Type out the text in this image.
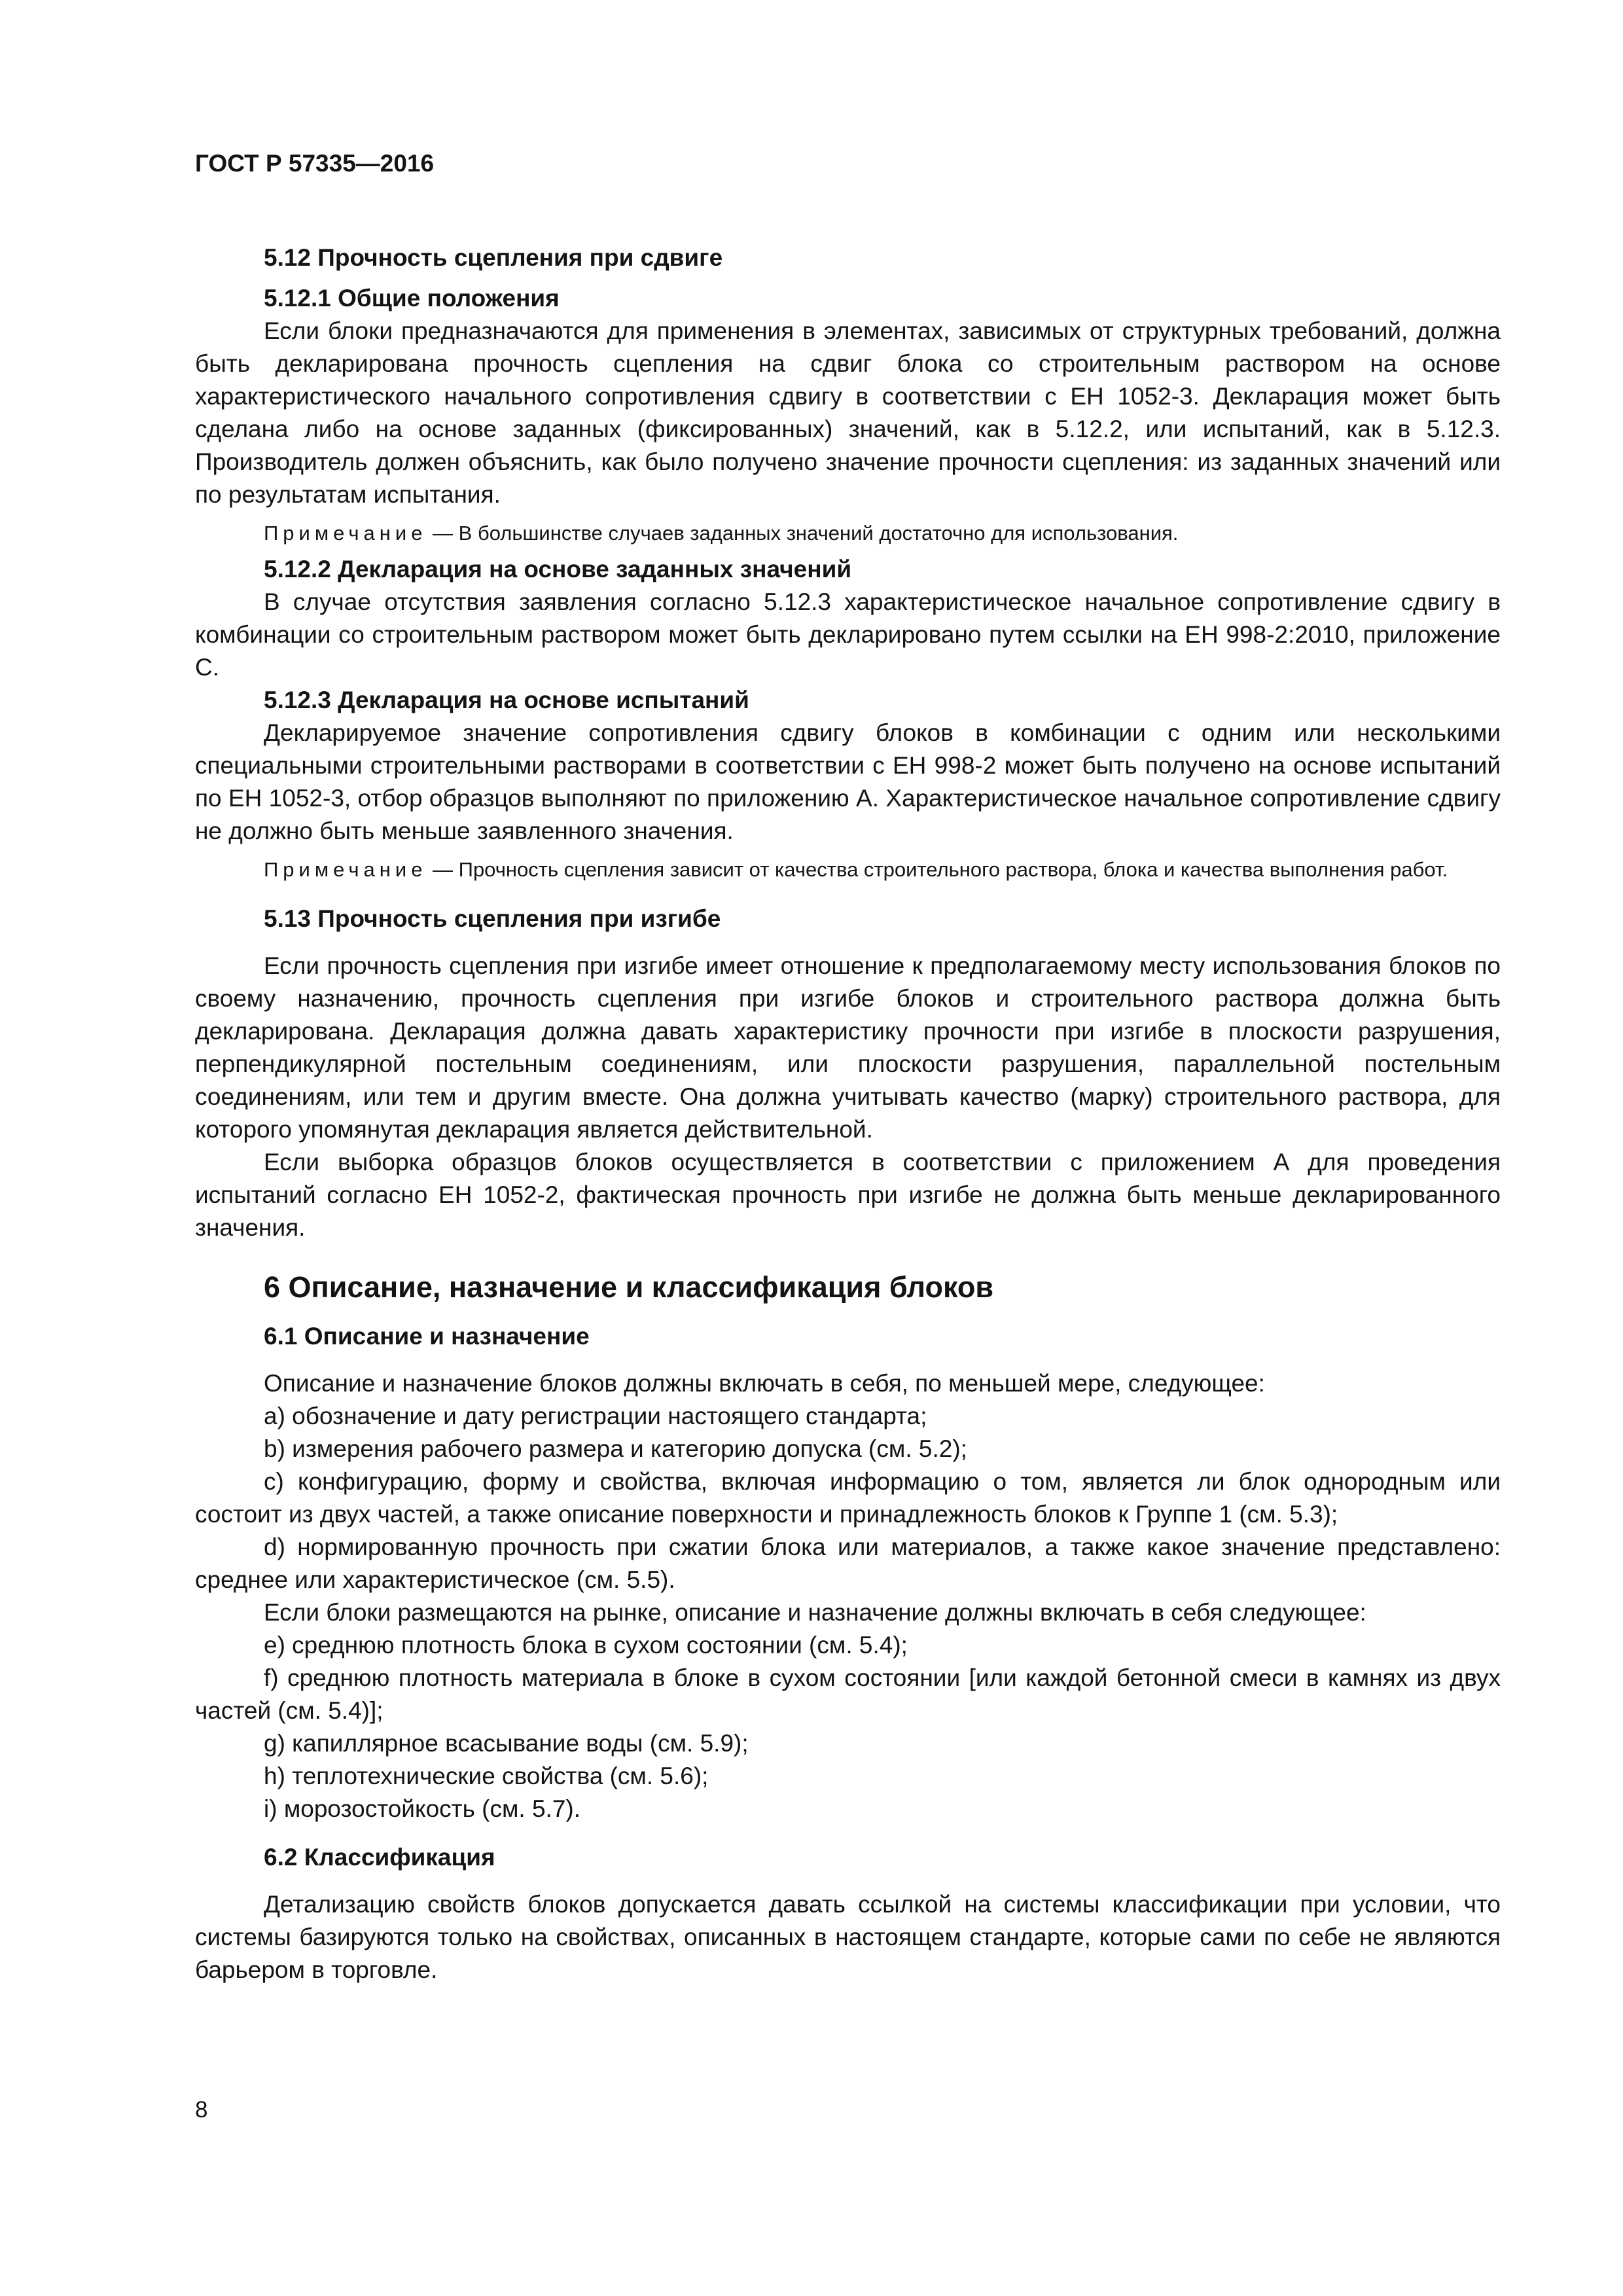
ГОСТ Р 57335—2016
5.12 Прочность сцепления при сдвиге
5.12.1 Общие положения
Если блоки предназначаются для применения в элементах, зависимых от структурных требований, должна быть декларирована прочность сцепления на сдвиг блока со строительным раствором на основе характеристического начального сопротивления сдвигу в соответствии с ЕН 1052-3. Декларация может быть сделана либо на основе заданных (фиксированных) значений, как в 5.12.2, или испытаний, как в 5.12.3. Производитель должен объяснить, как было получено значение прочности сцепления: из заданных значений или по результатам испытания.
Примечание — В большинстве случаев заданных значений достаточно для использования.
5.12.2 Декларация на основе заданных значений
В случае отсутствия заявления согласно 5.12.3 характеристическое начальное сопротивление сдвигу в комбинации со строительным раствором может быть декларировано путем ссылки на ЕН 998-2:2010, приложение С.
5.12.3 Декларация на основе испытаний
Декларируемое значение сопротивления сдвигу блоков в комбинации с одним или несколькими специальными строительными растворами в соответствии с ЕН 998-2 может быть получено на основе испытаний по ЕН 1052-3, отбор образцов выполняют по приложению А. Характеристическое начальное сопротивление сдвигу не должно быть меньше заявленного значения.
Примечание — Прочность сцепления зависит от качества строительного раствора, блока и качества выполнения работ.
5.13 Прочность сцепления при изгибе
Если прочность сцепления при изгибе имеет отношение к предполагаемому месту использования блоков по своему назначению, прочность сцепления при изгибе блоков и строительного раствора должна быть декларирована. Декларация должна давать характеристику прочности при изгибе в плоскости разрушения, перпендикулярной постельным соединениям, или плоскости разрушения, параллельной постельным соединениям, или тем и другим вместе. Она должна учитывать качество (марку) строительного раствора, для которого упомянутая декларация является действительной.
Если выборка образцов блоков осуществляется в соответствии с приложением А для проведения испытаний согласно ЕН 1052-2, фактическая прочность при изгибе не должна быть меньше декларированного значения.
6 Описание, назначение и классификация блоков
6.1 Описание и назначение
Описание и назначение блоков должны включать в себя, по меньшей мере, следующее:
a) обозначение и дату регистрации настоящего стандарта;
b) измерения рабочего размера и категорию допуска (см. 5.2);
c) конфигурацию, форму и свойства, включая информацию о том, является ли блок однородным или состоит из двух частей, а также описание поверхности и принадлежность блоков к Группе 1 (см. 5.3);
d) нормированную прочность при сжатии блока или материалов, а также какое значение представлено: среднее или характеристическое (см. 5.5).
Если блоки размещаются на рынке, описание и назначение должны включать в себя следующее:
e) среднюю плотность блока в сухом состоянии (см. 5.4);
f) среднюю плотность материала в блоке в сухом состоянии [или каждой бетонной смеси в камнях из двух частей (см. 5.4)];
g) капиллярное всасывание воды (см. 5.9);
h) теплотехнические свойства (см. 5.6);
i) морозостойкость (см. 5.7).
6.2 Классификация
Детализацию свойств блоков допускается давать ссылкой на системы классификации при условии, что системы базируются только на свойствах, описанных в настоящем стандарте, которые сами по себе не являются барьером в торговле.
8
